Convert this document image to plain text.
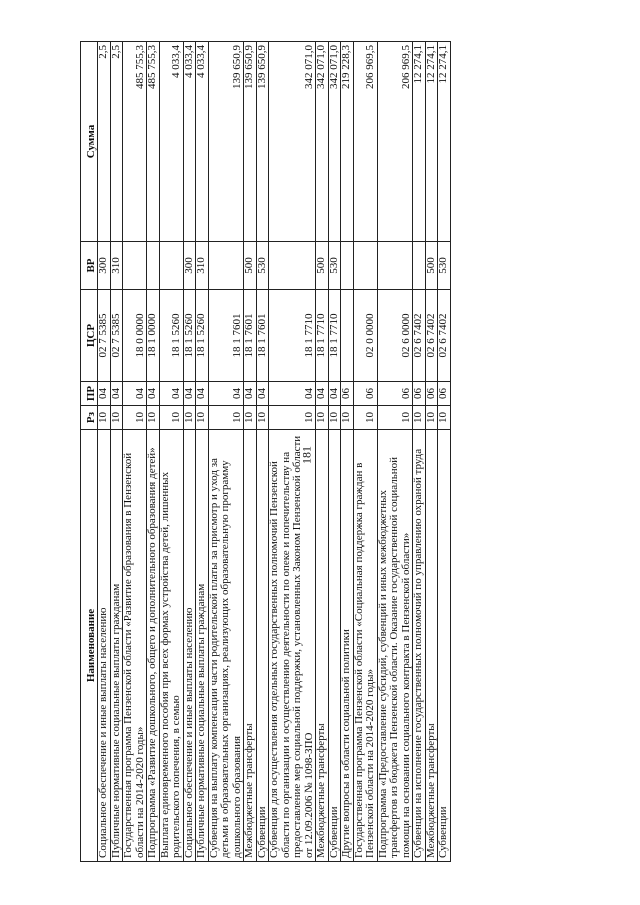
181
Наименование	Рз	ПР	ЦСР	ВР	Сумма
Социальное обеспечение и иные выплаты населению	10	04	02 7 5385	300	2,5
Публичные нормативные социальные выплаты гражданам	10	04	02 7 5385	310	2,5
Государственная программа Пензенской области «Развитие образования в Пензенской области на 2014-2020 годы»	10	04	18 0 0000		485 755,3
Подпрограмма «Развитие дошкольного, общего и дополнительного образования детей»	10	04	18 1 0000		485 755,3
Выплата единовременного пособия при всех формах устройства детей, лишенных родительского попечения, в семью	10	04	18 1 5260		4 033,4
Социальное обеспечение и иные выплаты населению	10	04	18 1 5260	300	4 033,4
Публичные нормативные социальные выплаты гражданам	10	04	18 1 5260	310	4 033,4
Субвенция на выплату компенсации части родительской платы за присмотр и уход за детьми в образовательных организациях, реализующих образовательную программу дошкольного образования	10	04	18 1 7601		139 650,9
Межбюджетные трансферты	10	04	18 1 7601	500	139 650,9
Субвенции	10	04	18 1 7601	530	139 650,9
Субвенция для осуществления отдельных государственных полномочий Пензенской области по организации и осуществлению деятельности по опеке и попечительству на предоставление мер социальной поддержки, установленных Законом Пензенской области от 12.09.2006 № 1098-ЗПО	10	04	18 1 7710		342 071,0
Межбюджетные трансферты	10	04	18 1 7710	500	342 071,0
Субвенции	10	04	18 1 7710	530	342 071,0
Другие вопросы в области социальной политики	10	06			219 228,3
Государственная программа Пензенской области «Социальная поддержка граждан в Пензенской области на 2014-2020 годы»	10	06	02 0 0000		206 969,5
Подпрограмма «Предоставление субсидий, субвенций и иных межбюджетных трансфертов из бюджета Пензенской области. Оказание государственной социальной помощи на основании социального контракта в Пензенской области»	10	06	02 6 0000		206 969,5
Субвенции на исполнение государственных полномочий по управлению охраной труда	10	06	02 6 7402		12 274,1
Межбюджетные трансферты	10	06	02 6 7402	500	12 274,1
Субвенции	10	06	02 6 7402	530	12 274,1
